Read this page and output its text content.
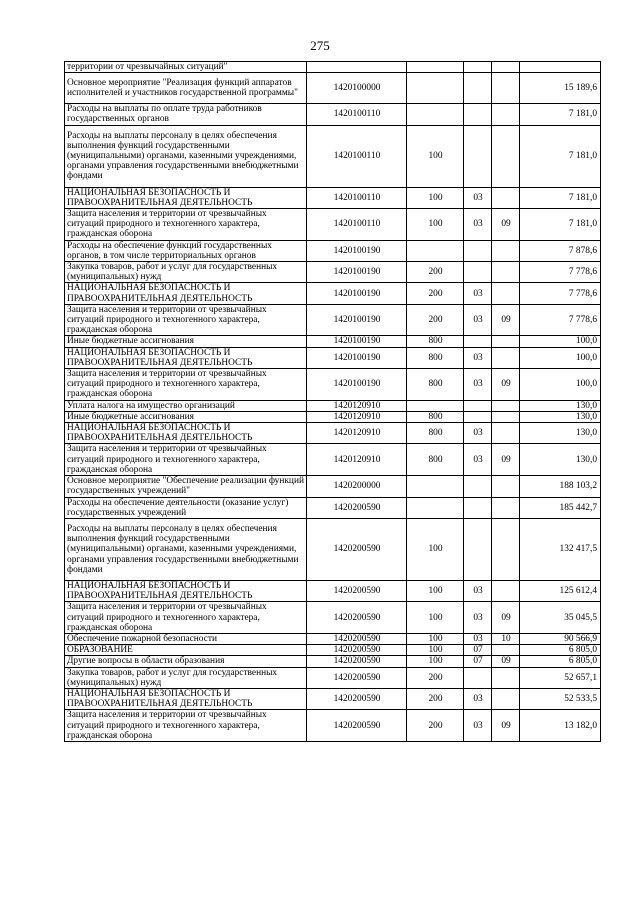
275
территории от чрезвычайных ситуаций"					
Основное мероприятие "Реализация функций аппаратов исполнителей и участников государственной программы"	1420100000				15 189,6
Расходы на выплаты по оплате труда работников государственных органов	1420100110				7 181,0
Расходы на выплаты персоналу в целях обеспечения выполнения функций государственными (муниципальными) органами, казенными учреждениями, органами управления государственными внебюджетными фондами	1420100110	100			7 181,0
НАЦИОНАЛЬНАЯ БЕЗОПАСНОСТЬ И ПРАВООХРАНИТЕЛЬНАЯ ДЕЯТЕЛЬНОСТЬ	1420100110	100	03		7 181,0
Защита населения и территории от чрезвычайных ситуаций природного и техногенного характера, гражданская оборона	1420100110	100	03	09	7 181,0
Расходы на обеспечение функций государственных органов, в том числе территориальных органов	1420100190				7 878,6
Закупка товаров, работ и услуг для государственных (муниципальных) нужд	1420100190	200			7 778,6
НАЦИОНАЛЬНАЯ БЕЗОПАСНОСТЬ И ПРАВООХРАНИТЕЛЬНАЯ ДЕЯТЕЛЬНОСТЬ	1420100190	200	03		7 778,6
Защита населения и территории от чрезвычайных ситуаций природного и техногенного характера, гражданская оборона	1420100190	200	03	09	7 778,6
Иные бюджетные ассигнования	1420100190	800			100,0
НАЦИОНАЛЬНАЯ БЕЗОПАСНОСТЬ И ПРАВООХРАНИТЕЛЬНАЯ ДЕЯТЕЛЬНОСТЬ	1420100190	800	03		100,0
Защита населения и территории от чрезвычайных ситуаций природного и техногенного характера, гражданская оборона	1420100190	800	03	09	100,0
Уплата налога на имущество организаций	1420120910				130,0
Иные бюджетные ассигнования	1420120910	800			130,0
НАЦИОНАЛЬНАЯ БЕЗОПАСНОСТЬ И ПРАВООХРАНИТЕЛЬНАЯ ДЕЯТЕЛЬНОСТЬ	1420120910	800	03		130,0
Защита населения и территории от чрезвычайных ситуаций природного и техногенного характера, гражданская оборона	1420120910	800	03	09	130,0
Основное мероприятие "Обеспечение реализации функций государственных учреждений"	1420200000				188 103,2
Расходы на обеспечение деятельности (оказание услуг) государственных учреждений	1420200590				185 442,7
Расходы на выплаты персоналу в целях обеспечения выполнения функций государственными (муниципальными) органами, казенными учреждениями, органами управления государственными внебюджетными фондами	1420200590	100			132 417,5
НАЦИОНАЛЬНАЯ БЕЗОПАСНОСТЬ И ПРАВООХРАНИТЕЛЬНАЯ ДЕЯТЕЛЬНОСТЬ	1420200590	100	03		125 612,4
Защита населения и территории от чрезвычайных ситуаций природного и техногенного характера, гражданская оборона	1420200590	100	03	09	35 045,5
Обеспечение пожарной безопасности	1420200590	100	03	10	90 566,9
ОБРАЗОВАНИЕ	1420200590	100	07		6 805,0
Другие вопросы в области образования	1420200590	100	07	09	6 805,0
Закупка товаров, работ и услуг для государственных (муниципальных) нужд	1420200590	200			52 657,1
НАЦИОНАЛЬНАЯ БЕЗОПАСНОСТЬ И ПРАВООХРАНИТЕЛЬНАЯ ДЕЯТЕЛЬНОСТЬ	1420200590	200	03		52 533,5
Защита населения и территории от чрезвычайных ситуаций природного и техногенного характера, гражданская оборона	1420200590	200	03	09	13 182,0
